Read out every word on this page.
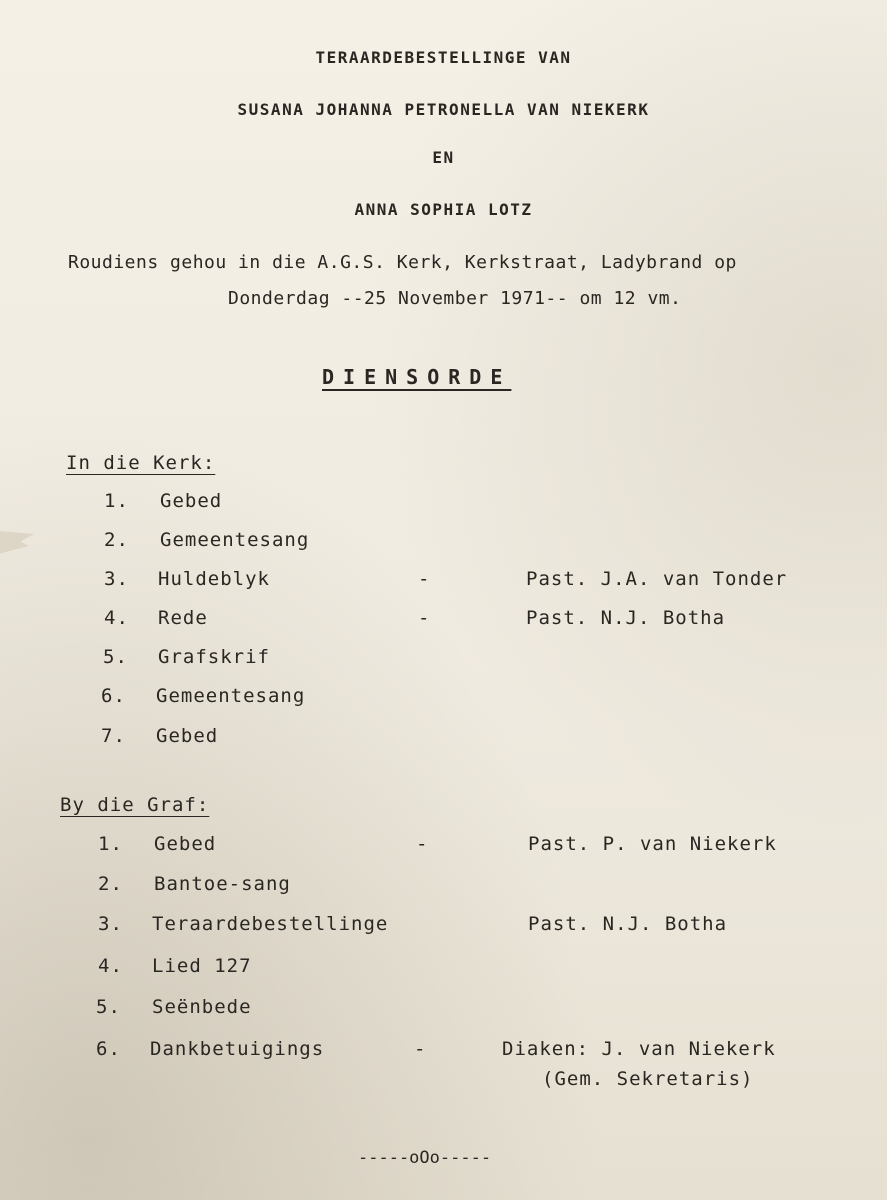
TERAARDEBESTELLINGE VAN
SUSANA JOHANNA PETRONELLA VAN NIEKERK
EN
ANNA SOPHIA LOTZ
Roudiens gehou in die A.G.S. Kerk, Kerkstraat, Ladybrand op
Donderdag --25 November 1971-- om 12 vm.
DIENSORDE
In die Kerk:
1. Gebed
2. Gemeentesang
3. Huldeblyk	-	Past. J.A. van Tonder
4. Rede	-	Past. N.J. Botha
5. Grafskrif
6. Gemeentesang
7. Gebed
By die Graf:
1. Gebed	-	Past. P. van Niekerk
2. Bantoe-sang
3. Teraardebestellinge	Past. N.J. Botha
4. Lied 127
5. Seënbede
6. Dankbetuigings	-	Diaken: J. van Niekerk
(Gem. Sekretaris)
-----oOo-----
